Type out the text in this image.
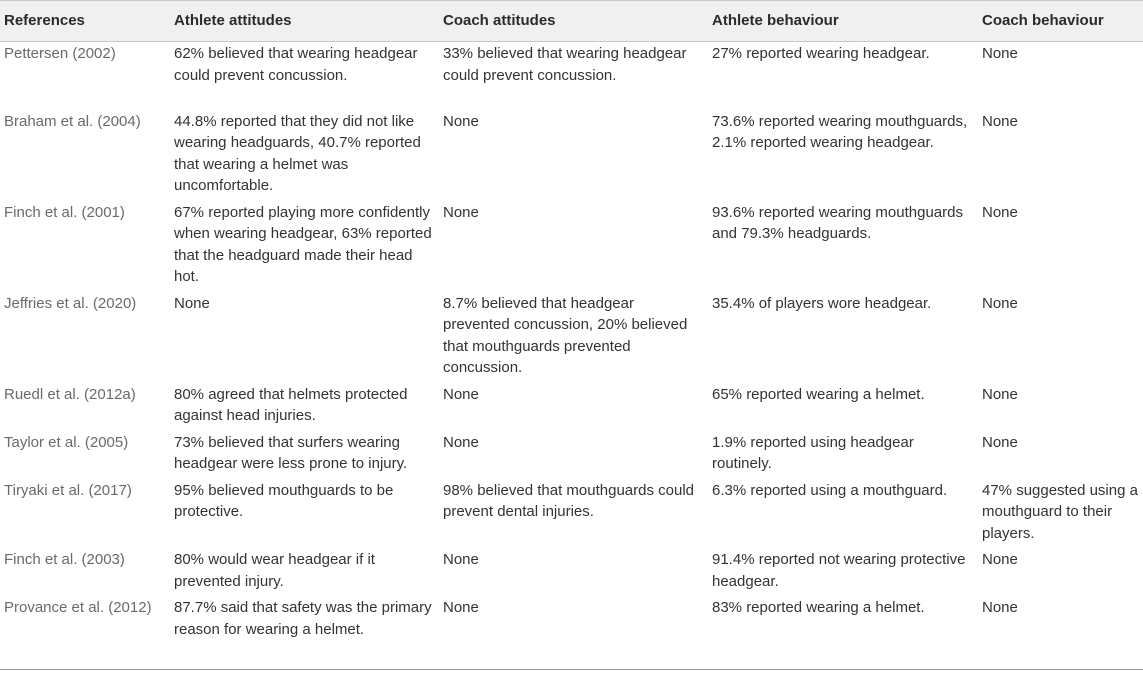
References	Athlete attitudes	Coach attitudes	Athlete behaviour	Coach behaviour
Pettersen (2002)	62% believed that wearing headgear could prevent concussion.	33% believed that wearing headgear could prevent concussion.	27% reported wearing headgear.	None
Braham et al. (2004)	44.8% reported that they did not like wearing headguards, 40.7% reported that wearing a helmet was uncomfortable.	None	73.6% reported wearing mouthguards, 2.1% reported wearing headgear.	None
Finch et al. (2001)	67% reported playing more confidently when wearing headgear, 63% reported that the headguard made their head hot.	None	93.6% reported wearing mouthguards and 79.3% headguards.	None
Jeffries et al. (2020)	None	8.7% believed that headgear prevented concussion, 20% believed that mouthguards prevented concussion.	35.4% of players wore headgear.	None
Ruedl et al. (2012a)	80% agreed that helmets protected against head injuries.	None	65% reported wearing a helmet.	None
Taylor et al. (2005)	73% believed that surfers wearing headgear were less prone to injury.	None	1.9% reported using headgear routinely.	None
Tiryaki et al. (2017)	95% believed mouthguards to be protective.	98% believed that mouthguards could prevent dental injuries.	6.3% reported using a mouthguard.	47% suggested using a mouthguard to their players.
Finch et al. (2003)	80% would wear headgear if it prevented injury.	None	91.4% reported not wearing protective headgear.	None
Provance et al. (2012)	87.7% said that safety was the primary reason for wearing a helmet.	None	83% reported wearing a helmet.	None
